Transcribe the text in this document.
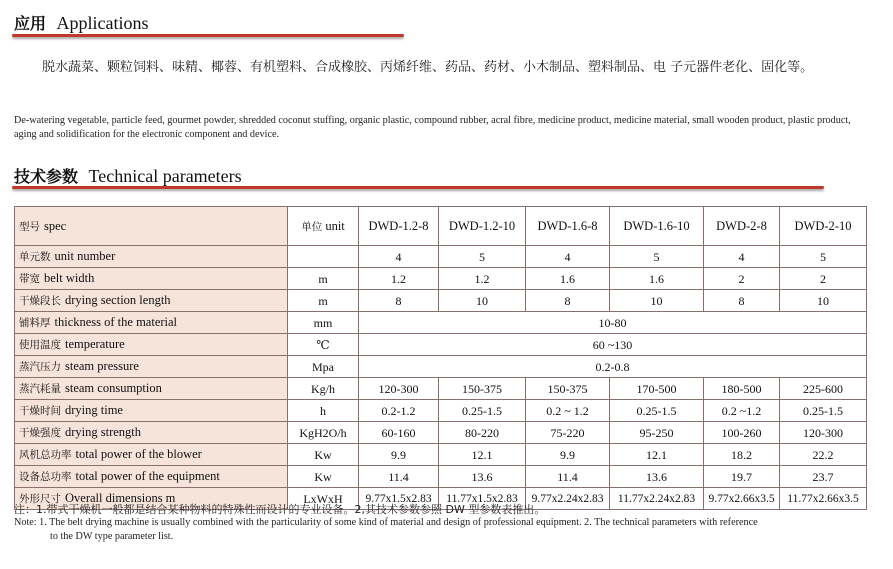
应用 Applications
脱水蔬菜、颗粒饲料、味精、椰蓉、有机塑料、合成橡胶、丙烯纤维、药品、药材、小木制品、塑料制品、电 子元器件老化、固化等。
De-watering vegetable, particle feed, gourmet powder, shredded coconut stuffing, organic plastic, compound rubber, acral fibre, medicine product, medicine material, small wooden product, plastic product, aging and solidification for the electronic component and device.
技术参数 Technical parameters
型号 spec	单位 unit	DWD-1.2-8	DWD-1.2-10	DWD-1.6-8	DWD-1.6-10	DWD-2-8	DWD-2-10
单元数 unit number		4	5	4	5	4	5
带宽 belt width	m	1.2	1.2	1.6	1.6	2	2
干燥段长 drying section length	m	8	10	8	10	8	10
铺料厚 thickness of the material	mm	10-80					
使用温度 temperature	℃	60 ~130					
蒸汽压力 steam pressure	Mpa	0.2-0.8					
蒸汽耗量 steam consumption	Kg/h	120-300	150-375	150-375	170-500	180-500	225-600
干燥时间 drying time	h	0.2-1.2	0.25-1.5	0.2 ~ 1.2	0.25-1.5	0.2 ~1.2	0.25-1.5
干燥强度 drying strength	KgH2O/h	60-160	80-220	75-220	95-250	100-260	120-300
风机总功率 total power of the blower	Kw	9.9	12.1	9.9	12.1	18.2	22.2
设备总功率 total power of the equipment	Kw	11.4	13.6	11.4	13.6	19.7	23.7
外形尺寸 Overall dimensions m	LxWxH	9.77x1.5x2.83	11.77x1.5x2.83	9.77x2.24x2.83	11.77x2.24x2.83	9.77x2.66x3.5	11.77x2.66x3.5
注：1.带式干燥机一般都是结合某种物料的特殊性而设计的专业设备。2,其技术参数参照 DW 型参数表推出。
Note: 1. The belt drying machine is usually combined with the particularity of some kind of material and design of professional equipment. 2. The technical parameters with reference
to the DW type parameter list.
